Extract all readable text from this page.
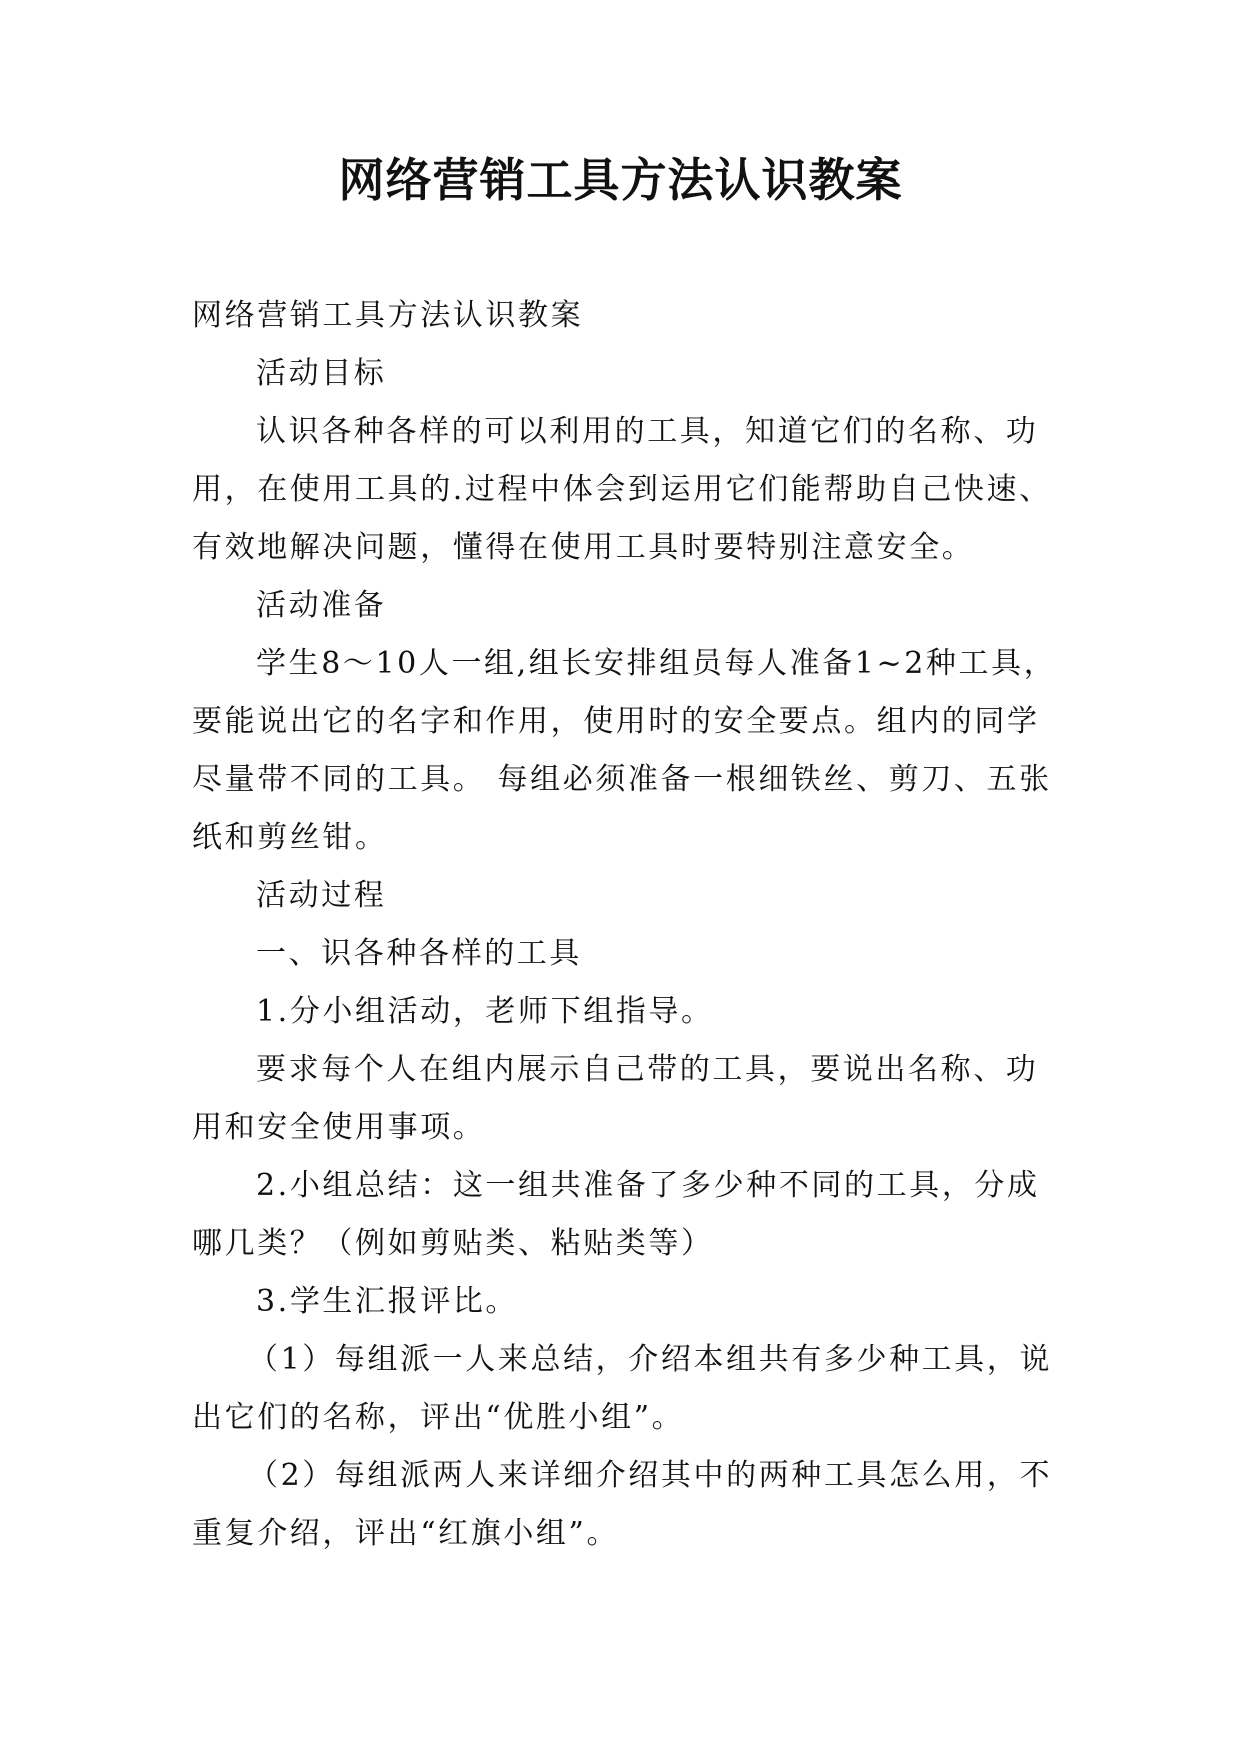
网络营销工具方法认识教案

网络营销工具方法认识教案

活动目标

认识各种各样的可以利用的工具，知道它们的名称、功用，在使用工具的.过程中体会到运用它们能帮助自己快速、有效地解决问题，懂得在使用工具时要特别注意安全。

活动准备

学生8～10人一组,组长安排组员每人准备1~2种工具，要能说出它的名字和作用，使用时的安全要点。组内的同学尽量带不同的工具。 每组必须准备一根细铁丝、剪刀、五张纸和剪丝钳。

活动过程

一、识各种各样的工具

1.分小组活动，老师下组指导。

要求每个人在组内展示自己带的工具，要说出名称、功用和安全使用事项。

2.小组总结：这一组共准备了多少种不同的工具，分成哪几类？（例如剪贴类、粘贴类等）

3.学生汇报评比。

（1）每组派一人来总结，介绍本组共有多少种工具，说出它们的名称，评出“优胜小组”。

（2）每组派两人来详细介绍其中的两种工具怎么用，不重复介绍，评出“红旗小组”。
